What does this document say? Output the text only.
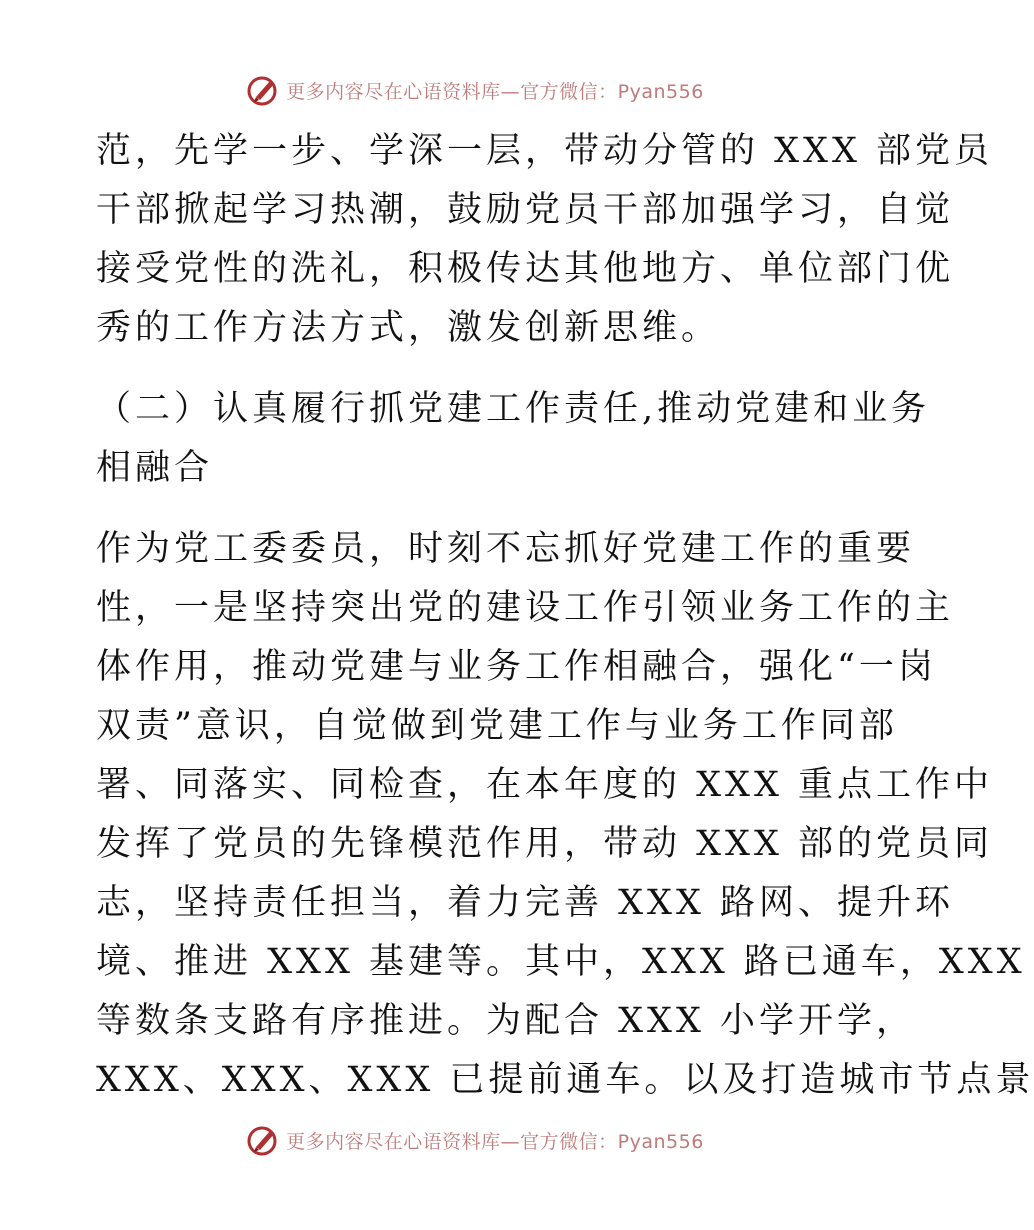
更多内容尽在心语资料库—官方微信：Pyan556
范，先学一步、学深一层，带动分管的 XXX 部党员
干部掀起学习热潮，鼓励党员干部加强学习，自觉
接受党性的洗礼，积极传达其他地方、单位部门优
秀的工作方法方式，激发创新思维。
（二）认真履行抓党建工作责任,推动党建和业务
相融合
作为党工委委员，时刻不忘抓好党建工作的重要
性，一是坚持突出党的建设工作引领业务工作的主
体作用，推动党建与业务工作相融合，强化“一岗
双责”意识，自觉做到党建工作与业务工作同部
署、同落实、同检查，在本年度的 XXX 重点工作中
发挥了党员的先锋模范作用，带动 XXX 部的党员同
志，坚持责任担当，着力完善 XXX 路网、提升环
境、推进 XXX 基建等。其中，XXX 路已通车，XXX
等数条支路有序推进。为配合 XXX 小学开学，
XXX、XXX、XXX 已提前通车。以及打造城市节点景
更多内容尽在心语资料库—官方微信：Pyan556
